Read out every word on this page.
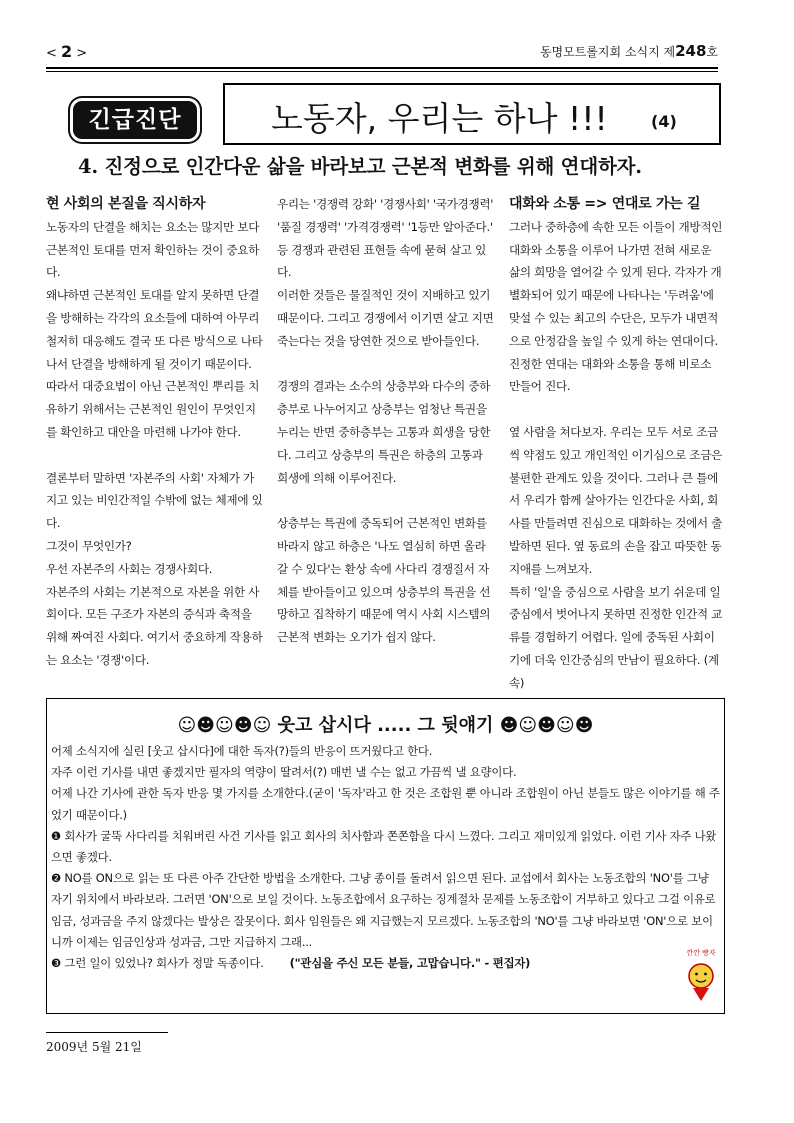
< 2 >	동명모트롤지회 소식지 제248호
긴급진단	노동자, 우리는 하나 !!!	(4)
4. 진정으로 인간다운 삶을 바라보고 근본적 변화를 위해 연대하자.

현 사회의 본질을 직시하자

노동자의 단결을 해치는 요소는 많지만 보다 근본적인 토대를 먼저 확인하는 것이 중요하다.

왜냐하면 근본적인 토대를 알지 못하면 단결을 방해하는 각각의 요소들에 대하여 아무리 철저히 대응해도 결국 또 다른 방식으로 나타나서 단결을 방해하게 될 것이기 때문이다.

따라서 대중요법이 아닌 근본적인 뿌리를 치유하기 위해서는 근본적인 원인이 무엇인지를 확인하고 대안을 마련해 나가야 한다.

결론부터 말하면 '자본주의 사회' 자체가 가지고 있는 비인간적일 수밖에 없는 체제에 있다.

그것이 무엇인가?

우선 자본주의 사회는 경쟁사회다.

자본주의 사회는 기본적으로 자본을 위한 사회이다. 모든 구조가 자본의 증식과 축적을 위해 짜여진 사회다. 여기서 중요하게 작용하는 요소는 '경쟁'이다.

우리는 '경쟁력 강화' '경쟁사회' '국가경쟁력' '품질 경쟁력' '가격경쟁력' '1등만 알아준다.' 등 경쟁과 관련된 표현들 속에 묻혀 살고 있다.

이러한 것들은 물질적인 것이 지배하고 있기 때문이다. 그리고 경쟁에서 이기면 살고 지면 죽는다는 것을 당연한 것으로 받아들인다.

경쟁의 결과는 소수의 상층부와 다수의 중하층부로 나누어지고 상층부는 엄청난 특권을 누리는 반면 중하층부는 고통과 희생을 당한다. 그리고 상층부의 특권은 하층의 고통과 희생에 의해 이루어진다.

상층부는 특권에 중독되어 근본적인 변화를 바라지 않고 하층은 '나도 열심히 하면 올라갈 수 있다'는 환상 속에 사다리 경쟁질서 자체를 받아들이고 있으며 상층부의 특권을 선망하고 집착하기 때문에 역시 사회 시스템의 근본적 변화는 오기가 쉽지 않다.

대화와 소통 => 연대로 가는 길

그러나 중하층에 속한 모든 이들이 개방적인 대화와 소통을 이루어 나가면 전혀 새로운 삶의 희망을 열어갈 수 있게 된다. 각자가 개별화되어 있기 때문에 나타나는 '두려움'에 맞설 수 있는 최고의 수단은, 모두가 내면적으로 안정감을 높일 수 있게 하는 연대이다. 진정한 연대는 대화와 소통을 통해 비로소 만들어 진다.

옆 사람을 쳐다보자. 우리는 모두 서로 조금씩 약점도 있고 개인적인 이기심으로 조금은 불편한 관계도 있을 것이다. 그러나 큰 틀에서 우리가 함께 살아가는 인간다운 사회, 회사를 만들려면 진심으로 대화하는 것에서 출발하면 된다. 옆 동료의 손을 잡고 따뜻한 동지애를 느껴보자.

특히 '일'을 중심으로 사람을 보기 쉬운데 일 중심에서 벗어나지 못하면 진정한 인간적 교류를 경험하기 어렵다. 일에 중독된 사회이기에 더욱 인간중심의 만남이 필요하다. (계속)

☺☻☺☻☺ 웃고 삽시다 ..... 그 뒷얘기 ☻☺☻☺☻

어제 소식지에 실린 [웃고 삽시다]에 대한 독자(?)들의 반응이 뜨거웠다고 한다.

자주 이런 기사를 내면 좋겠지만 필자의 역량이 딸려서(?) 매번 낼 수는 없고 가끔씩 낼 요량이다.

어제 나간 기사에 관한 독자 반응 몇 가지를 소개한다.(굳이 '독자'라고 한 것은 조합원 뿐 아니라 조합원이 아닌 분들도 많은 이야기를 해 주었기 때문이다.)

❶ 회사가 굴뚝 사다리를 치워버린 사건 기사를 읽고 회사의 치사함과 쫀쫀함을 다시 느꼈다. 그리고 재미있게 읽었다. 이런 기사 자주 나왔으면 좋겠다.

❷ NO를 ON으로 읽는 또 다른 아주 간단한 방법을 소개한다. 그냥 종이를 돌려서 읽으면 된다. 교섭에서 회사는 노동조합의 'NO'를 그냥 자기 위치에서 바라보라. 그러면 'ON'으로 보일 것이다. 노동조합에서 요구하는 징계절차 문제를 노동조합이 거부하고 있다고 그걸 이유로 임금, 성과금을 주지 않겠다는 발상은 잘못이다. 회사 임원들은 왜 지급했는지 모르겠다. 노동조합의 'NO'를 그냥 바라보면 'ON'으로 보이니까 이제는 임금인상과 성과금, 그만 지급하지 그래...

❸ 그런 일이 있었나? 회사가 정말 독종이다. ("관심을 주신 모든 분들, 고맙습니다." - 편집자)

깐깐 빵자
2009년 5월 21일
